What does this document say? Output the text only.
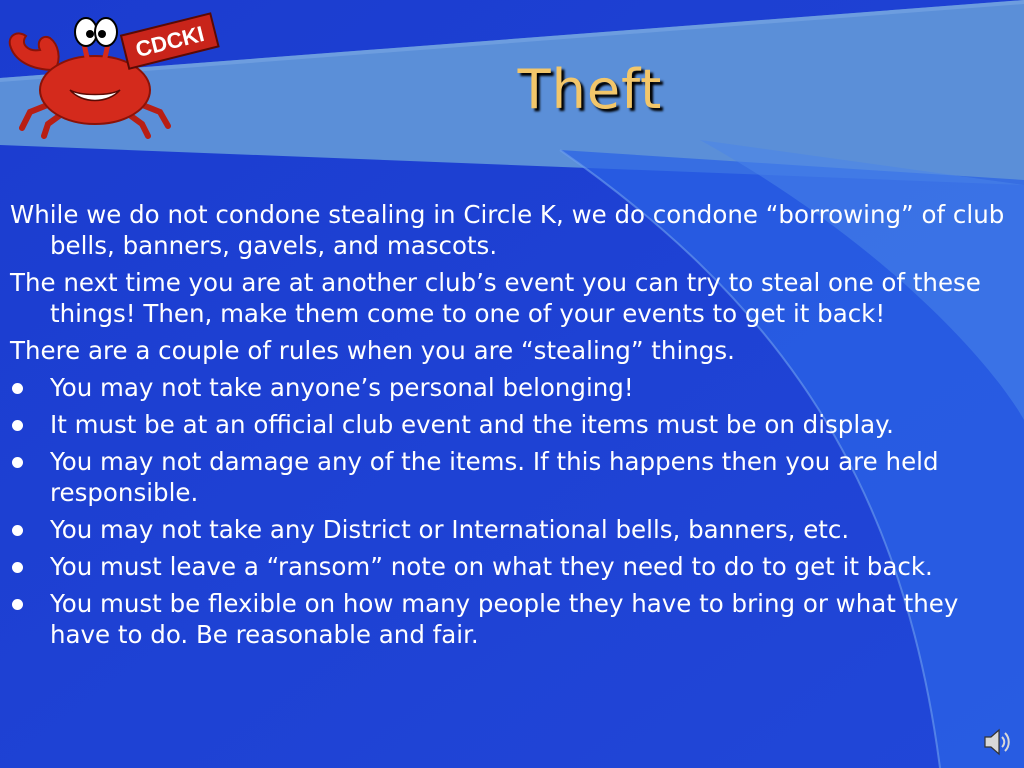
CDCKI
Theft

While we do not condone stealing in Circle K, we do condone “borrowing” of club bells, banners, gavels, and mascots.

The next time you are at another club’s event you can try to steal one of these things! Then, make them come to one of your events to get it back!

There are a couple of rules when you are “stealing” things.

You may not take anyone’s personal belonging!
It must be at an official club event and the items must be on display.
You may not damage any of the items. If this happens then you are held responsible.
You may not take any District or International bells, banners, etc.
You must leave a “ransom” note on what they need to do to get it back.
You must be flexible on how many people they have to bring or what they have to do. Be reasonable and fair.
